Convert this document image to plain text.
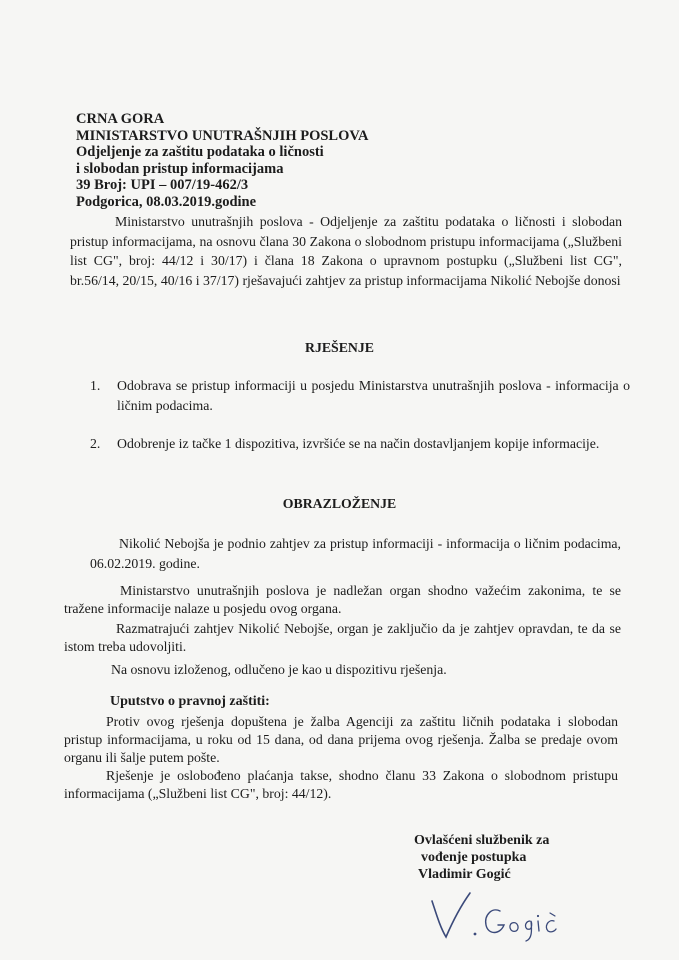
CRNA GORA
MINISTARSTVO UNUTRAŠNJIH POSLOVA
Odjeljenje za zaštitu podataka o ličnosti
i slobodan pristup informacijama
39 Broj: UPI – 007/19-462/3
Podgorica, 08.03.2019.godine

Ministarstvo unutrašnjih poslova - Odjeljenje za zaštitu podataka o ličnosti i slobodan pristup informacijama, na osnovu člana 30 Zakona o slobodnom pristupu informacijama („Službeni list CG", broj: 44/12 i 30/17) i člana 18 Zakona o upravnom postupku („Službeni list CG", br.56/14, 20/15, 40/16 i 37/17) rješavajući zahtjev za pristup informacijama Nikolić Nebojše donosi

RJEŠENJE
1. Odobrava se pristup informaciji u posjedu Ministarstva unutrašnjih poslova - informacija o ličnim podacima.
2. Odobrenje iz tačke 1 dispozitiva, izvršiće se na način dostavljanjem kopije informacije.
OBRAZLOŽENJE

Nikolić Nebojša je podnio zahtjev za pristup informaciji - informacija o ličnim podacima, 06.02.2019. godine.

Ministarstvo unutrašnjih poslova je nadležan organ shodno važećim zakonima, te se tražene informacije nalaze u posjedu ovog organa.

Razmatrajući zahtjev Nikolić Nebojše, organ je zaključio da je zahtjev opravdan, te da se istom treba udovoljiti.

Na osnovu izloženog, odlučeno je kao u dispozitivu rješenja.

Uputstvo o pravnoj zaštiti:

Protiv ovog rješenja dopuštena je žalba Agenciji za zaštitu ličnih podataka i slobodan pristup informacijama, u roku od 15 dana, od dana prijema ovog rješenja. Žalba se predaje ovom organu ili šalje putem pošte.

Rješenje je oslobođeno plaćanja takse, shodno članu 33 Zakona o slobodnom pristupu informacijama („Službeni list CG", broj: 44/12).

Ovlašćeni službenik za
vođenje postupka
Vladimir Gogić
